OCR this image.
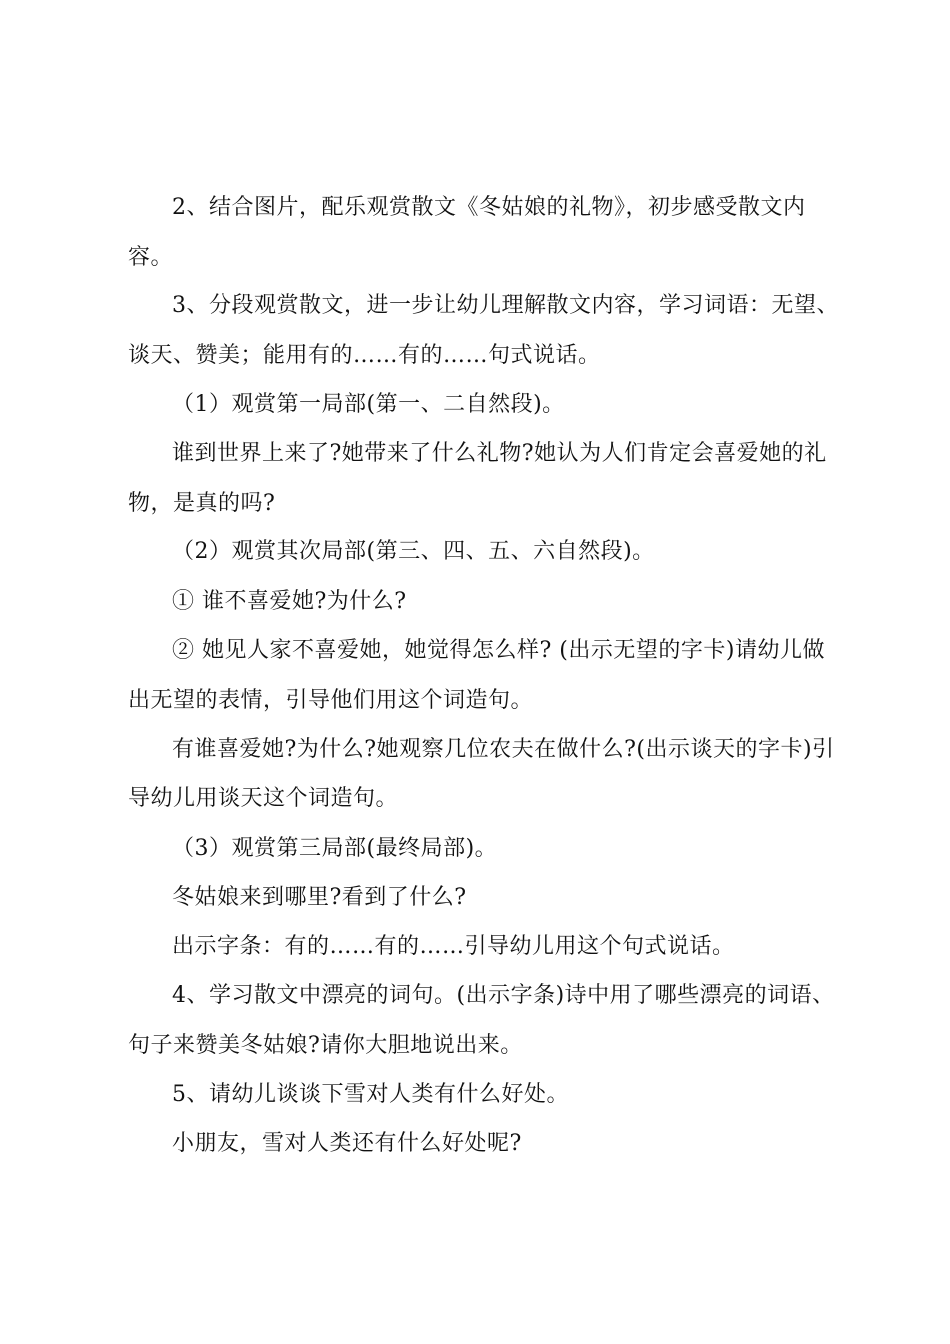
2、结合图片，配乐观赏散文《冬姑娘的礼物》，初步感受散文内
容。
3、分段观赏散文，进一步让幼儿理解散文内容，学习词语：无望、
谈天、赞美；能用有的……有的……句式说话。
（1）观赏第一局部(第一、二自然段)。
谁到世界上来了?她带来了什么礼物?她认为人们肯定会喜爱她的礼
物，是真的吗?
（2）观赏其次局部(第三、四、五、六自然段)。
① 谁不喜爱她?为什么?
② 她见人家不喜爱她，她觉得怎么样? (出示无望的字卡)请幼儿做
出无望的表情，引导他们用这个词造句。
有谁喜爱她?为什么?她观察几位农夫在做什么?(出示谈天的字卡)引
导幼儿用谈天这个词造句。
（3）观赏第三局部(最终局部)。
冬姑娘来到哪里?看到了什么?
出示字条：有的……有的……引导幼儿用这个句式说话。
4、学习散文中漂亮的词句。(出示字条)诗中用了哪些漂亮的词语、
句子来赞美冬姑娘?请你大胆地说出来。
5、请幼儿谈谈下雪对人类有什么好处。
小朋友，雪对人类还有什么好处呢?
